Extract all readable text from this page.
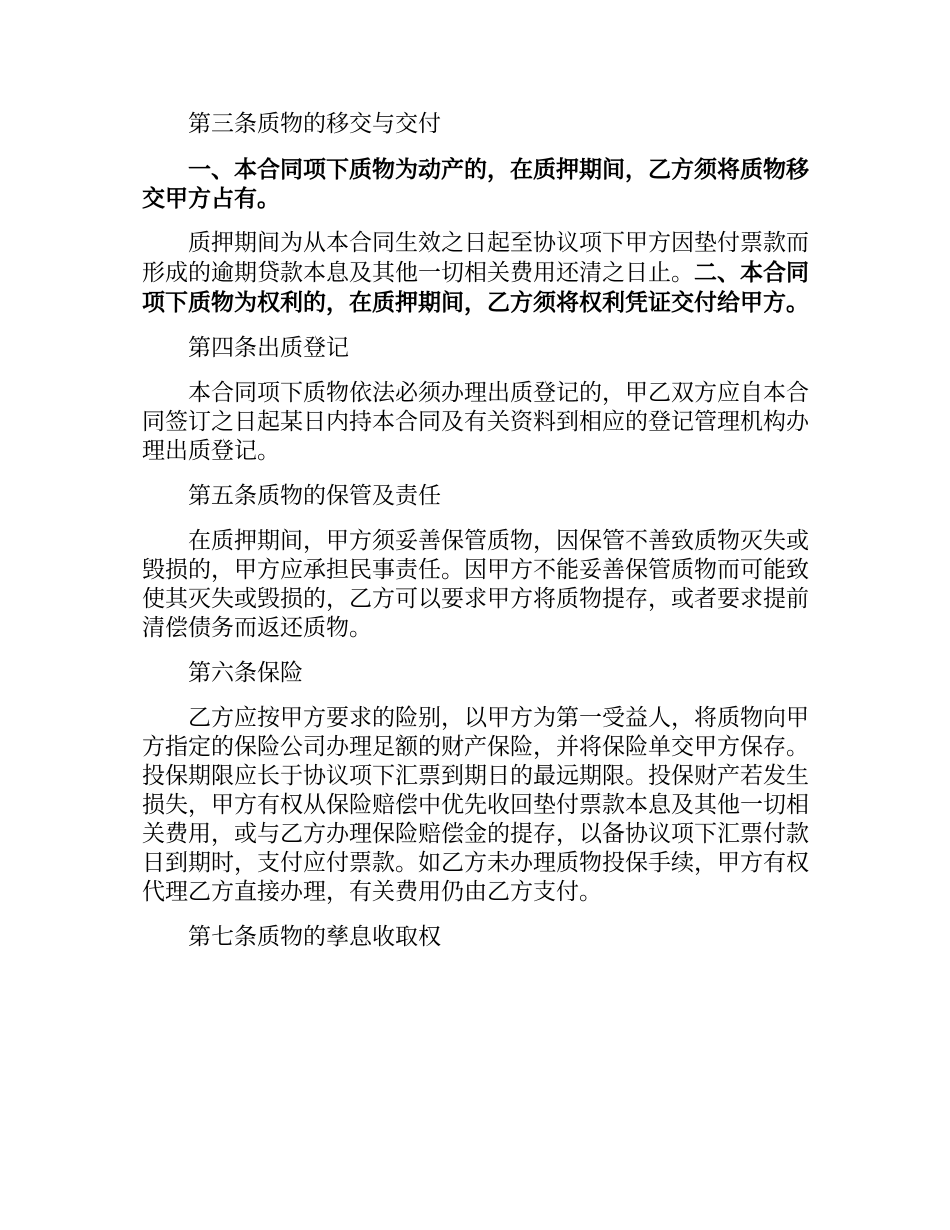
第三条质物的移交与交付

一、本合同项下质物为动产的，在质押期间，乙方须将质物移交甲方占有。

质押期间为从本合同生效之日起至协议项下甲方因垫付票款而形成的逾期贷款本息及其他一切相关费用还清之日止。二、本合同项下质物为权利的，在质押期间，乙方须将权利凭证交付给甲方。

第四条出质登记

本合同项下质物依法必须办理出质登记的，甲乙双方应自本合同签订之日起某日内持本合同及有关资料到相应的登记管理机构办理出质登记。

第五条质物的保管及责任

在质押期间，甲方须妥善保管质物，因保管不善致质物灭失或毁损的，甲方应承担民事责任。因甲方不能妥善保管质物而可能致使其灭失或毁损的，乙方可以要求甲方将质物提存，或者要求提前清偿债务而返还质物。

第六条保险

乙方应按甲方要求的险别，以甲方为第一受益人，将质物向甲方指定的保险公司办理足额的财产保险，并将保险单交甲方保存。投保期限应长于协议项下汇票到期日的最远期限。投保财产若发生损失，甲方有权从保险赔偿中优先收回垫付票款本息及其他一切相关费用，或与乙方办理保险赔偿金的提存，以备协议项下汇票付款日到期时，支付应付票款。如乙方未办理质物投保手续，甲方有权代理乙方直接办理，有关费用仍由乙方支付。

第七条质物的孳息收取权
